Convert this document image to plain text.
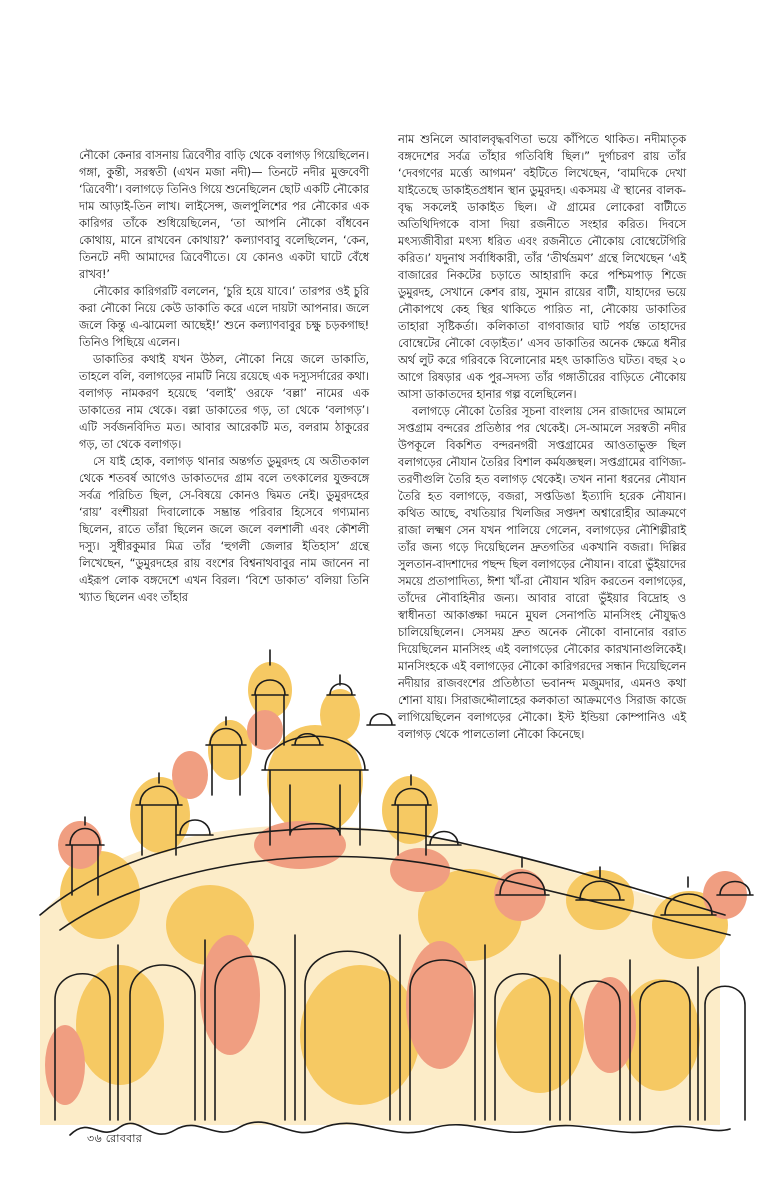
নৌকো কেনার বাসনায় ত্রিবেণীর বাড়ি থেকে বলাগড় গিয়েছিলেন। গঙ্গা, কুন্তী, সরস্বতী (এখন মজা নদী)— তিনটে নদীর মুক্তবেণী ‘ত্রিবেণী’। বলাগড়ে তিনিও গিয়ে শুনেছিলেন ছোট একটি নৌকোর দাম আড়াই-তিন লাখ। লাইসেন্স, জলপুলিশের পর নৌকোর এক কারিগর তাঁকে শুধিয়েছিলেন, ‘তা আপনি নৌকো বাঁধবেন কোথায়, মানে রাখবেন কোথায়?’ কল্যাণবাবু বলেছিলেন, ‘কেন, তিনটে নদী আমাদের ত্রিবেণীতে। যে কোনও একটা ঘাটে বেঁধে রাখব!’

নৌকোর কারিগরটি বললেন, ‘চুরি হয়ে যাবে।’ তারপর ওই চুরি করা নৌকো নিয়ে কেউ ডাকাতি করে এলে দায়টা আপনার। জলে জলে কিন্তু এ-ঝামেলা আছেই!’ শুনে কল্যাণবাবুর চক্ষু চড়কগাছ! তিনিও পিছিয়ে এলেন।

ডাকাতির কথাই যখন উঠল, নৌকো নিয়ে জলে ডাকাতি, তাহলে বলি, বলাগড়ের নামটি নিয়ে রয়েছে এক দস্যুসর্দারের কথা। বলাগড় নামকরণ হয়েছে ‘বলাই’ ওরফে ‘বল্লা’ নামের এক ডাকাতের নাম থেকে। বল্লা ডাকাতের গড়, তা থেকে ‘বলাগড়’। এটি সর্বজনবিদিত মত। আবার আরেকটি মত, বলরাম ঠাকুরের গড়, তা থেকে বলাগড়।

সে যাই হোক, বলাগড় থানার অন্তর্গত ডুমুরদহ যে অতীতকাল থেকে শতবর্ষ আগেও ডাকাতদের গ্রাম বলে তৎকালের যুক্তবঙ্গে সর্বত্র পরিচিত ছিল, সে-বিষয়ে কোনও দ্বিমত নেই। ডুমুরদহের ‘রায়’ বংশীয়রা দিবালোকে সম্ভ্রান্ত পরিবার হিসেবে গণ্যমান্য ছিলেন, রাতে তাঁরা ছিলেন জলে জলে বলশালী এবং কৌশলী দস্যু। সুধীরকুমার মিত্র তাঁর ‘হুগলী জেলার ইতিহাস’ গ্রন্থে লিখেছেন, “ডুমুরদহের রায় বংশের বিশ্বনাথবাবুর নাম জানেন না এইরূপ লোক বঙ্গদেশে এখন বিরল। ‘বিশে ডাকাত’ বলিয়া তিনি খ্যাত ছিলেন এবং তাঁহার

নাম শুনিলে আবালবৃদ্ধবণিতা ভয়ে কাঁপিতে থাকিত। নদীমাতৃক বঙ্গদেশের সর্বত্র তাঁহার গতিবিধি ছিল।” দুর্গাচরণ রায় তাঁর ‘দেবগণের মর্ত্ত্যে আগমন’ বইটিতে লিখেছেন, ‘বামদিকে দেখা যাইতেছে ডাকাইতপ্রধান স্থান ডুমুরদহ। একসময় ঐ স্থানের বালক-বৃদ্ধ সকলেই ডাকাইত ছিল। ঐ গ্রামের লোকেরা বাটীতে অতিথিদিগকে বাসা দিয়া রজনীতে সংহার করিত। দিবসে মৎস্যজীবীরা মৎস্য ধরিত এবং রজনীতে নৌকোয় বোম্বেটেগিরি করিত।’ যদুনাথ সর্বাধিকারী, তাঁর ‘তীর্থভ্রমণ’ গ্রন্থে লিখেছেন ‘এই বাজারের নিকটের চড়াতে আহারাদি করে পশ্চিমপাড় শিজে ডুমুরদহ, সেখানে কেশব রায়, সুমান রায়ের বাটী, যাহাদের ভয়ে নৌকাপথে কেহ স্থির থাকিতে পারিত না, নৌকোয় ডাকাতির তাহারা সৃষ্টিকর্তা। কলিকাতা বাগবাজার ঘাট পর্যন্ত তাহাদের বোম্বেটের নৌকো বেড়াইত।’ এসব ডাকাতির অনেক ক্ষেত্রে ধনীর অর্থ লুট করে গরিবকে বিলোনোর মহৎ ডাকাতিও ঘটত। বছর ২০ আগে রিষড়ার এক পুর-সদস্য তাঁর গঙ্গাতীরের বাড়িতে নৌকোয় আসা ডাকাতদের হানার গল্প বলেছিলেন।

বলাগড়ে নৌকো তৈরির সূচনা বাংলায় সেন রাজাদের আমলে সপ্তগ্রাম বন্দরের প্রতিষ্ঠার পর থেকেই। সে-আমলে সরস্বতী নদীর উপকূলে বিকশিত বন্দরনগরী সপ্তগ্রামের আওতাভুক্ত ছিল বলাগড়ের নৌযান তৈরির বিশাল কর্মযজ্ঞস্থল। সপ্তগ্রামের বাণিজ্য-তরণীগুলি তৈরি হত বলাগড় থেকেই। তখন নানা ধরনের নৌযান তৈরি হত বলাগড়ে, বজরা, সপ্তডিঙা ইত্যাদি হরেক নৌযান। কথিত আছে, বখতিয়ার খিলজির সপ্তদশ অশ্বারোহীর আক্রমণে রাজা লক্ষ্মণ সেন যখন পালিয়ে গেলেন, বলাগড়ের নৌশিল্পীরাই তাঁর জন্য গড়ে দিয়েছিলেন দ্রুতগতির একখানি বজরা। দিল্লির সুলতান-বাদশাদের পছন্দ ছিল বলাগড়ের নৌযান। বারো ভুঁইয়াদের সময়ে প্রতাপাদিত্য, ঈশা খাঁ-রা নৌযান খরিদ করতেন বলাগড়ের, তাঁদের নৌবাহিনীর জন্য। আবার বারো ভুঁইয়ার বিদ্রোহ ও স্বাধীনতা আকাঙ্ক্ষা দমনে মুঘল সেনাপতি মানসিংহ নৌযুদ্ধও চালিয়েছিলেন। সেসময় দ্রুত অনেক নৌকো বানানোর বরাত দিয়েছিলেন মানসিংহ এই বলাগড়ের নৌকোর কারখানাগুলিকেই। মানসিংহকে এই বলাগড়ের নৌকো কারিগরদের সন্ধান দিয়েছিলেন নদীয়ার রাজবংশের প্রতিষ্ঠাতা ভবানন্দ মজুমদার, এমনও কথা শোনা যায়। সিরাজদ্দৌলাহের কলকাতা আক্রমণেও সিরাজ কাজে লাগিয়েছিলেন বলাগড়ের নৌকো। ইস্ট ইন্ডিয়া কোম্পানিও এই বলাগড় থেকে পালতোলা নৌকো কিনেছে।

৩৬ রোববার
